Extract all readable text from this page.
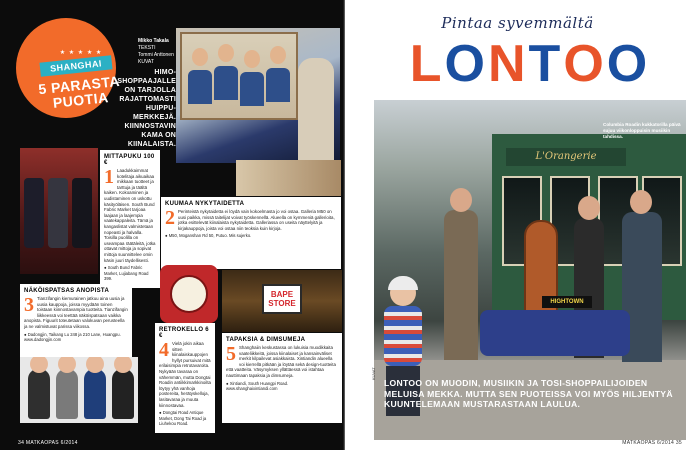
★ ★ ★ ★ ★
SHANGHAI
5 PARASTA PUOTIA
Mikko Takala
TEKSTI
Tommi Anttonen
KUVAT
HIMO-SHOPPAAJALLE ON TARJOLLA RAJATTOMASTI HUIPPU-MERKKEJÄ. KIINNOSTAVIN KAMA ON KIINALAISTA.
MITTAPUKU 100 €
1 Laadukkaimmat kotelitaja aikuaikaa mikkaan tuotteet ja tarttuja ja täältä kaiken. Kokoaminen ja uudistaminen on uskottu käsityöläisen. South Bund Fabric Market tarjoaa laajaan ja laajempia vaatekappaleita. Tämä ja kangaslistat valmistetaan nopeasti ja halvalla. Toisilla puolilla on useampaa räätäleitä, jotka ottavat mittoja ja sopivat mittoja suunnittelee omin käsin juuri täydellisesti.
● South Bund Fabric Market, Lujiabang Road 399.
KUUMAA NYKYTAIDETTA
2 Perinteistä nykytaidetta ei löydä vain kokoelmasta jo voi ostaa. Galleria M50 on uusi paikka, missä taitelijat voivat työskennellä. Alueella on kymmeniä gallerioita, jotka esittelevät kiinalaista nykytaidetta. Galleriassa on useita näyttelyitä ja kirjakauppoja, joista voi ostaa niin teoksia kuin kirjoja.
● M50, Moganshan Rd 50, Putuo. Mis sujerko.
NÄKÖISPATSAS ANOPISTA
3 Tianzifangin kiemurainen jatkuu aina uusia ja uusia kauppoja, joissa myydään toinen toistaan kiinnostavampia tuotteita. Tianzifangin liikkeessä voi teettää näköispatsaan vaikka anopista. Figuurit toteutetaan valokuvan perusteella ja ne valmistuvat parissa viikossa.
● Dadongjin, Taikang Lu 248 ja 210 Lane, Huangpu. www.dadongjin.com
RETROKELLO 6 €
4 Vielä jokin aikaa sitten kiinalaiskauppojen hyllyt pursuivat mitä erilaisimpia retrotavaroita. Nykyään tavaraa on vähemmän, mutta Dongtai Roadin antiikkimarkkinoilta löytyy yhä vanhoja postereita, herätyskelloja, lasitavaraa ja muuta kiinnostavaa.
● Dongtai Road Antique Market, Dong Tai Road ja Liuhekou Road.
BAPE STORE
TAPAKSIA & DIMSUMEJA
5 Shanghaiin keskustassa on lukuisia muodikkaita vaateliikkeitä, joissa kiinalaiset ja kansainväliset merkit kilpailevat asiakkaista. Xintiandin alueella voi kierrellä pitkään ja löytää sekä design-tuotteita että vaatteita. Väsymyksen yllättäessä voi istahtaa nauttimaan tapaksia ja dimsumeja.
● Xintiandi, South Huangpi Road. www.shanghaixintiandi.com
34 MATKAOPAS 6/2014
Pintaa syvemmältä
LONTOO
MATKAOPAS 6/2014 35
L'Orangerie
HIGHTOWN
Columbia Roadin kukkatorilla päivä sujuu viikonloppuisin musiikin tahdissa.
KUVAT
LONTOO ON MUODIN, MUSIIKIN JA TOSI-SHOPPAILIJOIDEN MELUISA MEKKA. MUTTA SEN PUOTEISSA VOI MYÖS HILJENTYÄ KUUNTELEMAAN MUSTARASTAAN LAULUA.
